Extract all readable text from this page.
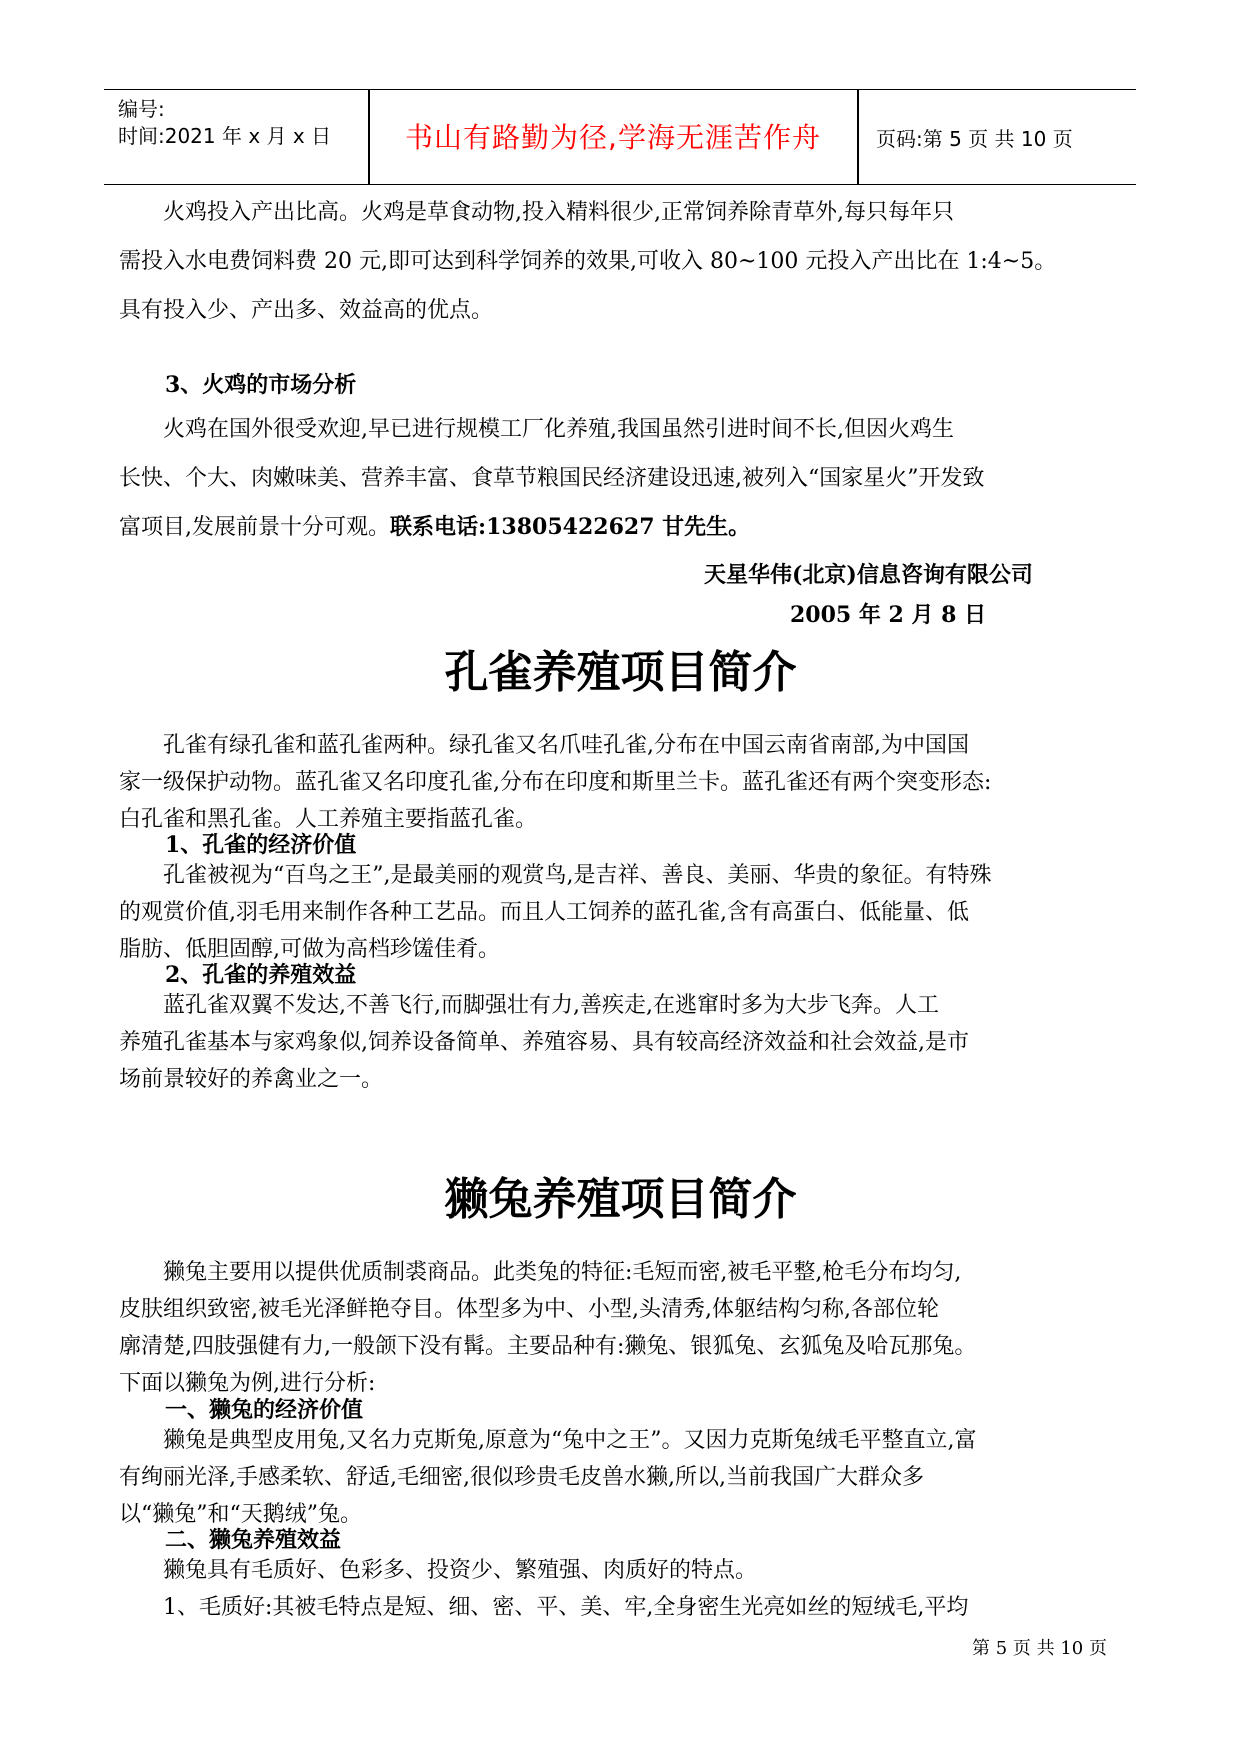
编号:
时间:2021 年 x 月 x 日	书山有路勤为径,学海无涯苦作舟	页码:第 5 页 共 10 页
火鸡投入产出比高。火鸡是草食动物,投入精料很少,正常饲养除青草外,每只每年只
需投入水电费饲料费 20 元,即可达到科学饲养的效果,可收入 80~100 元投入产出比在 1:4~5。
具有投入少、产出多、效益高的优点。
3、火鸡的市场分析
火鸡在国外很受欢迎,早已进行规模工厂化养殖,我国虽然引进时间不长,但因火鸡生
长快、个大、肉嫩味美、营养丰富、食草节粮国民经济建设迅速,被列入“国家星火”开发致
富项目,发展前景十分可观。联系电话:13805422627 甘先生。
天星华伟(北京)信息咨询有限公司
2005 年 2 月 8 日
孔雀养殖项目简介
孔雀有绿孔雀和蓝孔雀两种。绿孔雀又名爪哇孔雀,分布在中国云南省南部,为中国国
家一级保护动物。蓝孔雀又名印度孔雀,分布在印度和斯里兰卡。蓝孔雀还有两个突变形态:
白孔雀和黑孔雀。人工养殖主要指蓝孔雀。
1、孔雀的经济价值
孔雀被视为“百鸟之王”,是最美丽的观赏鸟,是吉祥、善良、美丽、华贵的象征。有特殊
的观赏价值,羽毛用来制作各种工艺品。而且人工饲养的蓝孔雀,含有高蛋白、低能量、低
脂肪、低胆固醇,可做为高档珍馐佳肴。
2、孔雀的养殖效益
蓝孔雀双翼不发达,不善飞行,而脚强壮有力,善疾走,在逃窜时多为大步飞奔。人工
养殖孔雀基本与家鸡象似,饲养设备简单、养殖容易、具有较高经济效益和社会效益,是市
场前景较好的养禽业之一。
獭兔养殖项目简介
獭兔主要用以提供优质制裘商品。此类兔的特征:毛短而密,被毛平整,枪毛分布均匀,
皮肤组织致密,被毛光泽鲜艳夺目。体型多为中、小型,头清秀,体躯结构匀称,各部位轮
廓清楚,四肢强健有力,一般颌下没有髯。主要品种有:獭兔、银狐兔、玄狐兔及哈瓦那兔。
下面以獭兔为例,进行分析:
一、獭兔的经济价值
獭兔是典型皮用兔,又名力克斯兔,原意为“兔中之王”。又因力克斯兔绒毛平整直立,富
有绚丽光泽,手感柔软、舒适,毛细密,很似珍贵毛皮兽水獭,所以,当前我国广大群众多
以“獭兔”和“天鹅绒”兔。
二、獭兔养殖效益
獭兔具有毛质好、色彩多、投资少、繁殖强、肉质好的特点。
1、毛质好:其被毛特点是短、细、密、平、美、牢,全身密生光亮如丝的短绒毛,平均
第 5 页 共 10 页
